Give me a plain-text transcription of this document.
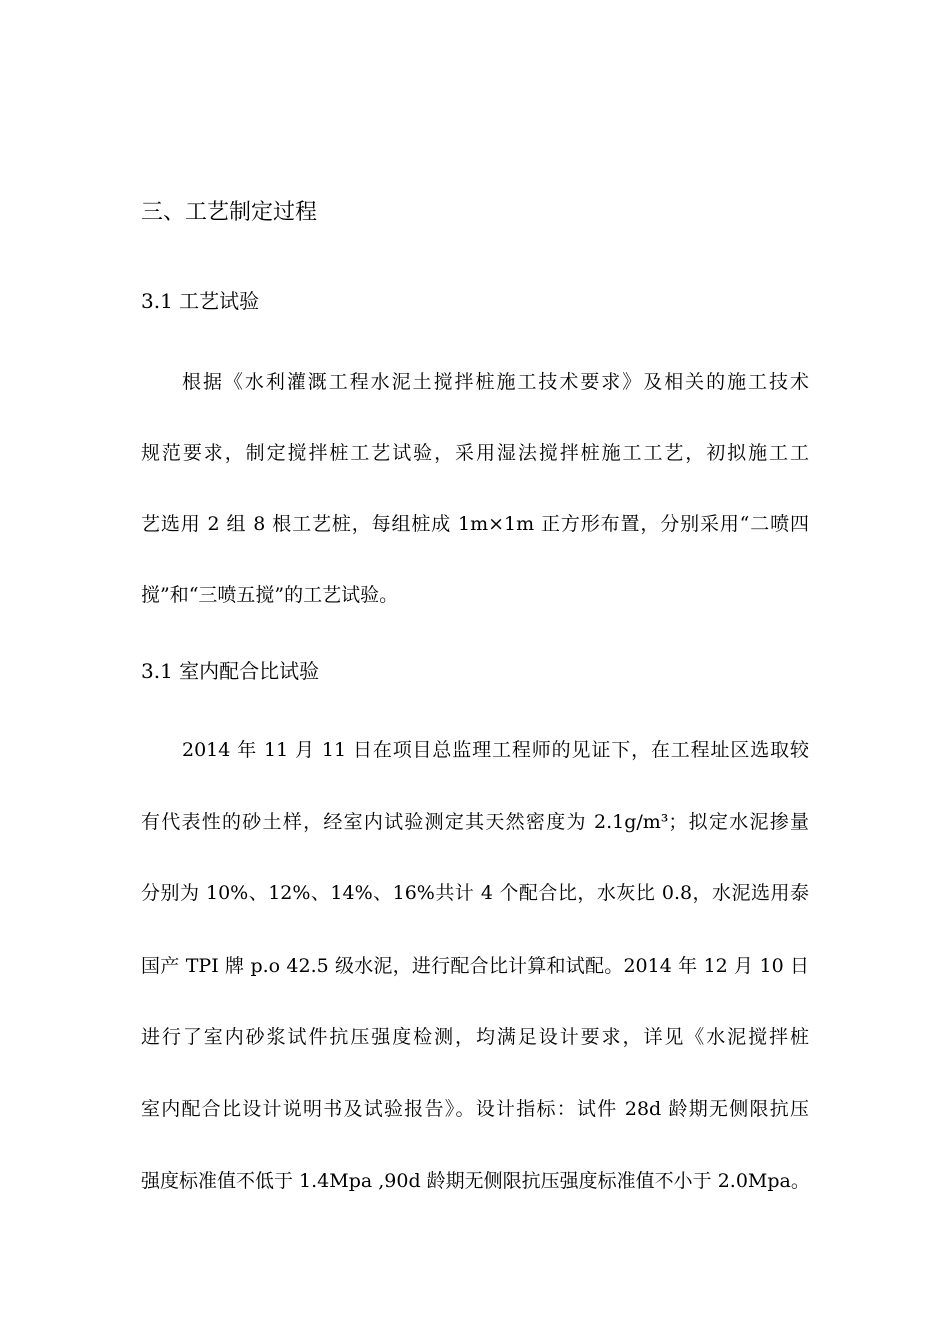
三、工艺制定过程
3.1 工艺试验
根据《水利灌溉工程水泥土搅拌桩施工技术要求》及相关的施工技术
规范要求，制定搅拌桩工艺试验，采用湿法搅拌桩施工工艺，初拟施工工
艺选用 2 组 8 根工艺桩，每组桩成 1m×1m 正方形布置，分别采用“二喷四
搅”和“三喷五搅”的工艺试验。
3.1 室内配合比试验
2014 年 11 月 11 日在项目总监理工程师的见证下，在工程址区选取较
有代表性的砂土样，经室内试验测定其天然密度为 2.1g/m³；拟定水泥掺量
分别为 10%、12%、14%、16%共计 4 个配合比，水灰比 0.8，水泥选用泰
国产 TPI 牌 p.o 42.5 级水泥，进行配合比计算和试配。2014 年 12 月 10 日
进行了室内砂浆试件抗压强度检测，均满足设计要求，详见《水泥搅拌桩
室内配合比设计说明书及试验报告》。设计指标：试件 28d 龄期无侧限抗压
强度标准值不低于 1.4Mpa ,90d 龄期无侧限抗压强度标准值不小于 2.0Mpa。
